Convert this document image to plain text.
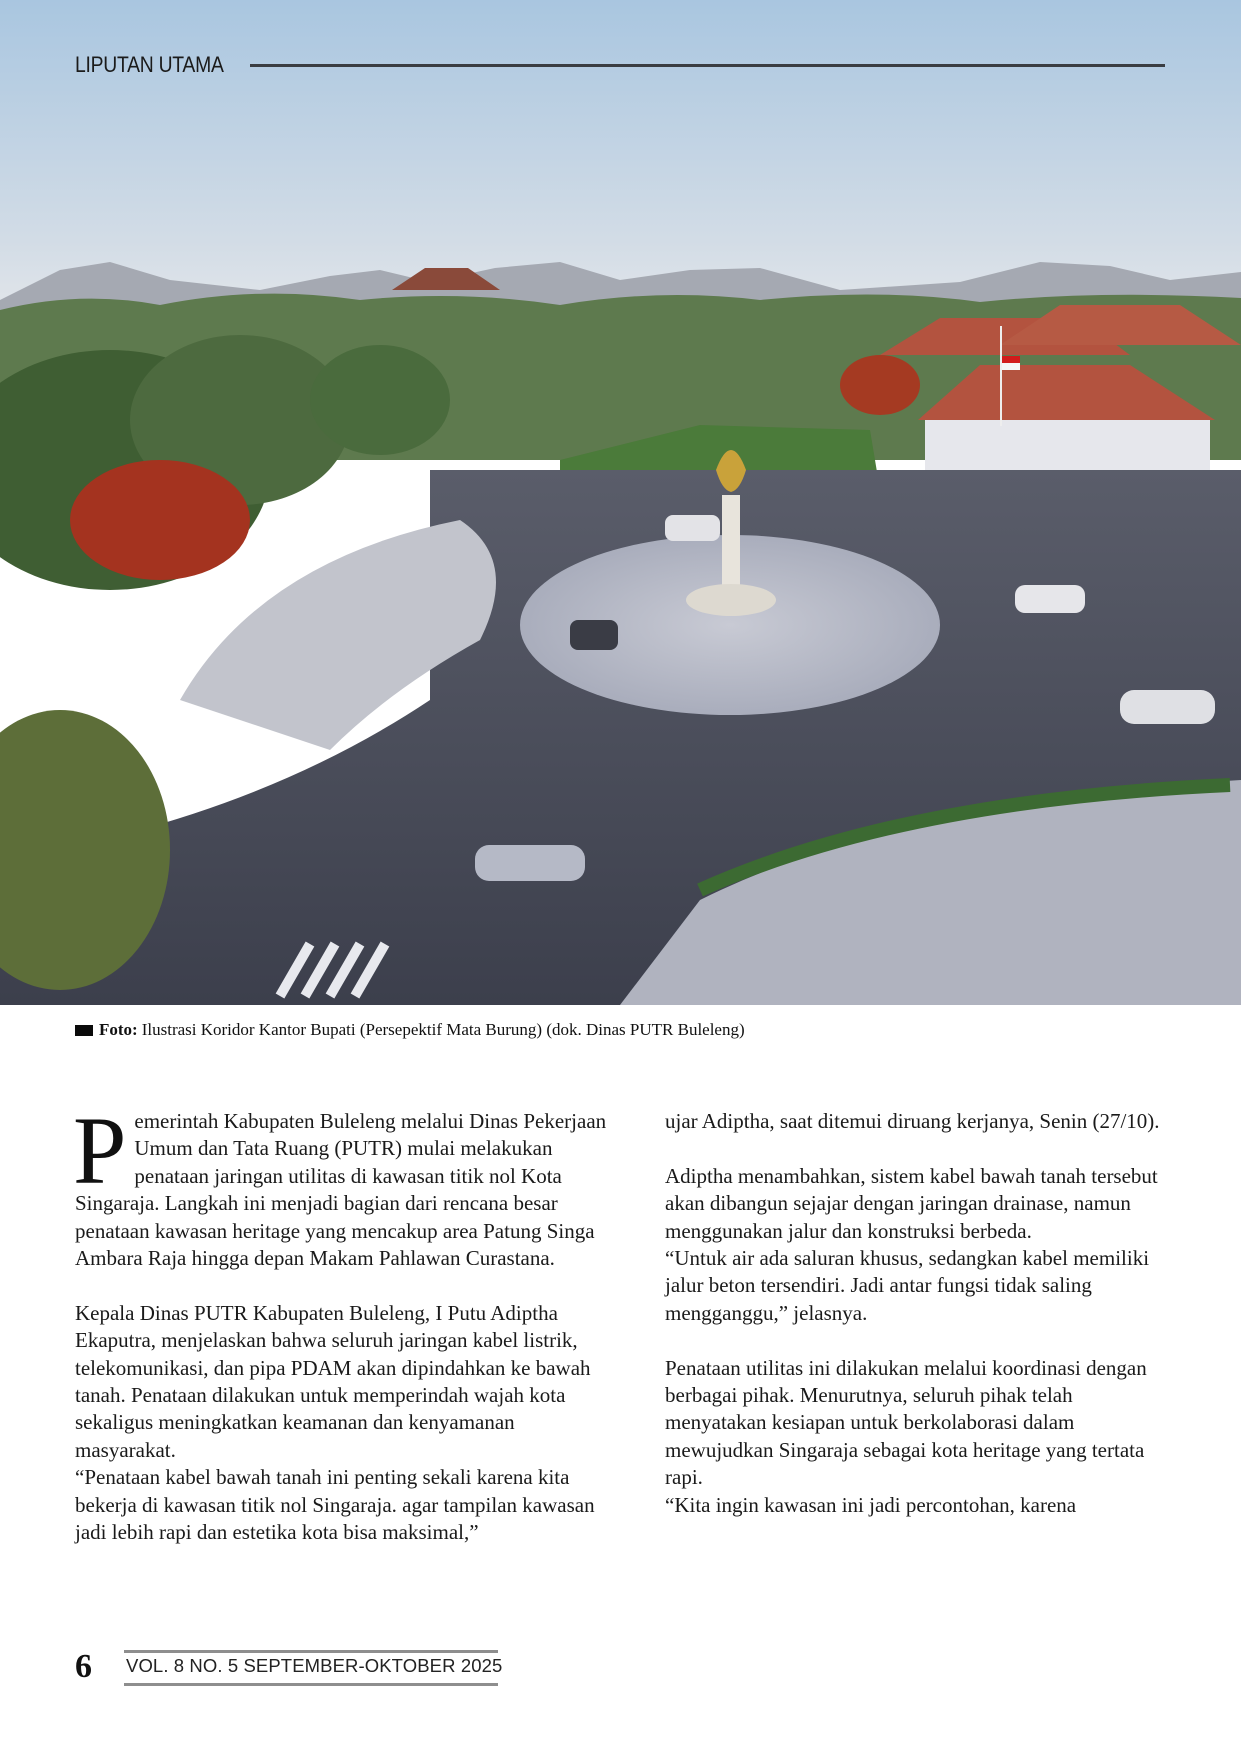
LIPUTAN UTAMA
Foto: Ilustrasi Koridor Kantor Bupati (Persepektif Mata Burung) (dok. Dinas PUTR Buleleng)

Pemerintah Kabupaten Buleleng melalui Dinas Pekerjaan Umum dan Tata Ruang (PUTR) mulai melakukan penataan jaringan utilitas di kawasan titik nol Kota Singaraja. Langkah ini menjadi bagian dari rencana besar penataan kawasan heritage yang mencakup area Patung Singa Ambara Raja hingga depan Makam Pahlawan Curastana.

Kepala Dinas PUTR Kabupaten Buleleng, I Putu Adiptha Ekaputra, menjelaskan bahwa seluruh jaringan kabel listrik, telekomunikasi, dan pipa PDAM akan dipindahkan ke bawah tanah. Penataan dilakukan untuk memperindah wajah kota sekaligus meningkatkan keamanan dan kenyamanan masyarakat.

“Penataan kabel bawah tanah ini penting sekali karena kita bekerja di kawasan titik nol Singaraja. agar tampilan kawasan jadi lebih rapi dan estetika kota bisa maksimal,”

ujar Adiptha, saat ditemui diruang kerjanya, Senin (27/10).

Adiptha menambahkan, sistem kabel bawah tanah tersebut akan dibangun sejajar dengan jaringan drainase, namun menggunakan jalur dan konstruksi berbeda.

“Untuk air ada saluran khusus, sedangkan kabel memiliki jalur beton tersendiri. Jadi antar fungsi tidak saling mengganggu,” jelasnya.

Penataan utilitas ini dilakukan melalui koordinasi dengan berbagai pihak. Menurutnya, seluruh pihak telah menyatakan kesiapan untuk berkolaborasi dalam mewujudkan Singaraja sebagai kota heritage yang tertata rapi.

“Kita ingin kawasan ini jadi percontohan, karena

6 VOL. 8 NO. 5 SEPTEMBER-OKTOBER 2025
